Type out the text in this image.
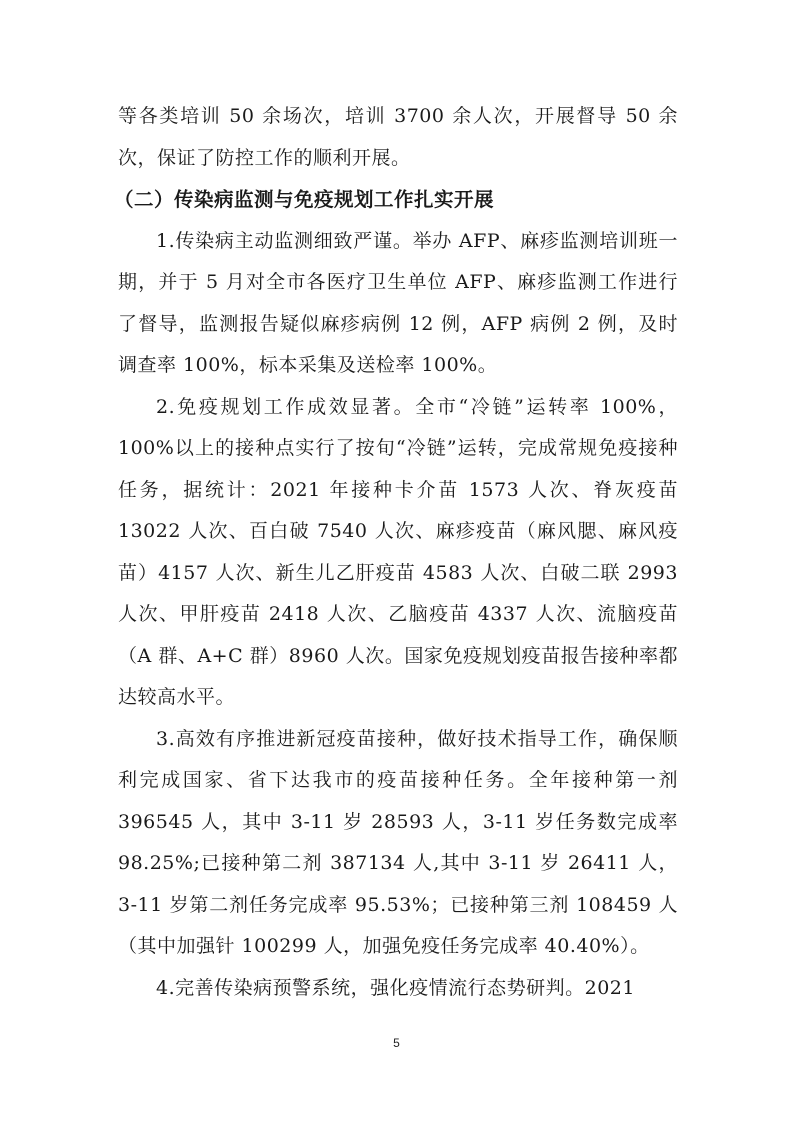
等各类培训 50 余场次，培训 3700 余人次，开展督导 50 余次，保证了防控工作的顺利开展。

（二）传染病监测与免疫规划工作扎实开展

1.传染病主动监测细致严谨。举办 AFP、麻疹监测培训班一期，并于 5 月对全市各医疗卫生单位 AFP、麻疹监测工作进行了督导，监测报告疑似麻疹病例 12 例，AFP 病例 2 例，及时调查率 100%，标本采集及送检率 100%。

2.免疫规划工作成效显著。全市“冷链”运转率 100%，100%以上的接种点实行了按旬“冷链”运转，完成常规免疫接种任务，据统计：2021 年接种卡介苗 1573 人次、脊灰疫苗 13022 人次、百白破 7540 人次、麻疹疫苗（麻风腮、麻风疫苗）4157 人次、新生儿乙肝疫苗 4583 人次、白破二联 2993 人次、甲肝疫苗 2418 人次、乙脑疫苗 4337 人次、流脑疫苗（A 群、A+C 群）8960 人次。国家免疫规划疫苗报告接种率都达较高水平。

3.高效有序推进新冠疫苗接种，做好技术指导工作，确保顺利完成国家、省下达我市的疫苗接种任务。全年接种第一剂 396545 人，其中 3-11 岁 28593 人，3-11 岁任务数完成率 98.25%;已接种第二剂 387134 人,其中 3-11 岁 26411 人，3-11 岁第二剂任务完成率 95.53%；已接种第三剂 108459 人（其中加强针 100299 人，加强免疫任务完成率 40.40%）。

4.完善传染病预警系统，强化疫情流行态势研判。2021

5
